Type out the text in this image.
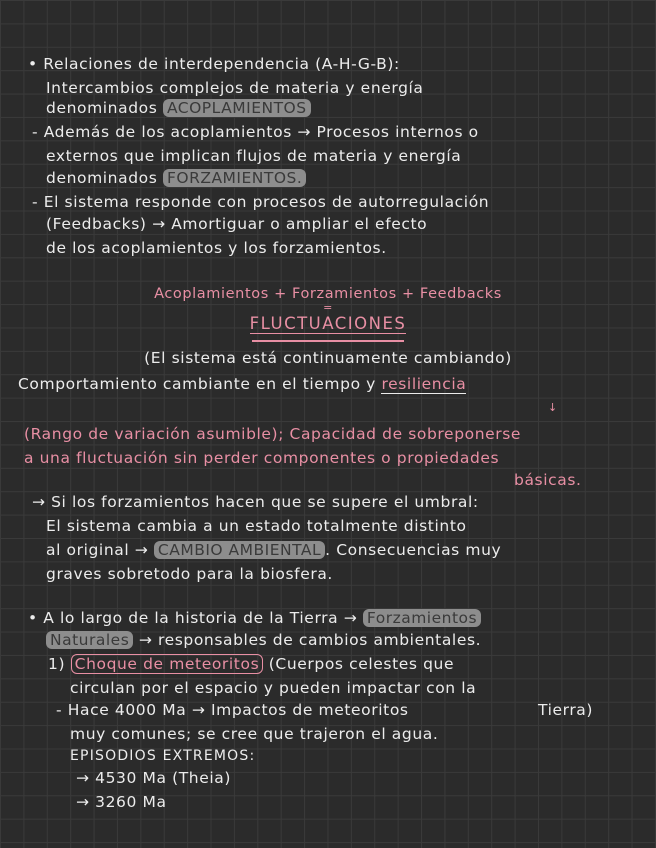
• Relaciones de interdependencia (A-H-G-B):
Intercambios complejos de materia y energía
denominados ACOPLAMIENTOS
- Además de los acoplamientos → Procesos internos o
externos que implican flujos de materia y energía
denominados FORZAMIENTOS.
- El sistema responde con procesos de autorregulación
(Feedbacks) → Amortiguar o ampliar el efecto
de los acoplamientos y los forzamientos.
Acoplamientos + Forzamientos + Feedbacks
=
FLUCTUACIONES
(El sistema está continuamente cambiando)
Comportamiento cambiante en el tiempo y resiliencia
↓
(Rango de variación asumible); Capacidad de sobreponerse
a una fluctuación sin perder componentes o propiedades
básicas.
→ Si los forzamientos hacen que se supere el umbral:
El sistema cambia a un estado totalmente distinto
al original → CAMBIO AMBIENTAL . Consecuencias muy
graves sobretodo para la biosfera.
• A lo largo de la historia de la Tierra → Forzamientos
Naturales → responsables de cambios ambientales.
1) Choque de meteoritos (Cuerpos celestes que
circulan por el espacio y pueden impactar con la
- Hace 4000 Ma → Impactos de meteoritos	Tierra)
muy comunes; se cree que trajeron el agua.
EPISODIOS EXTREMOS:
→ 4530 Ma (Theia)
→ 3260 Ma
